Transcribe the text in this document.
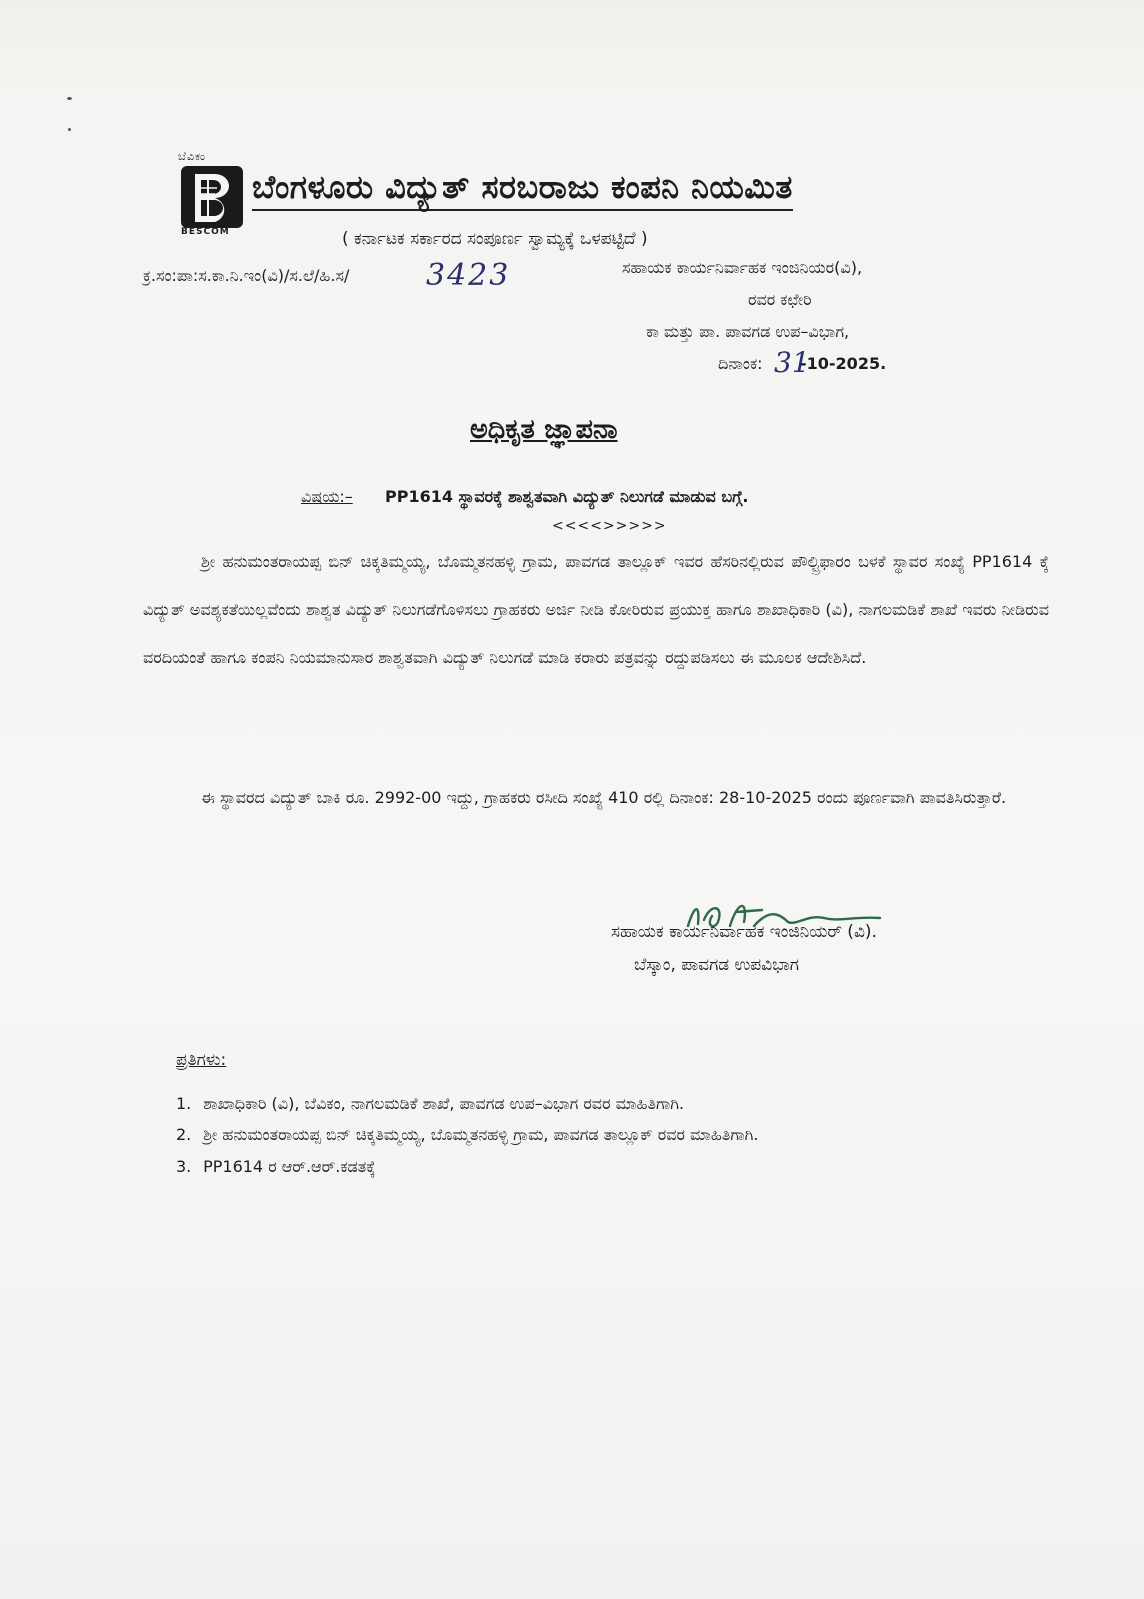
ಬೆವಿಕಂ
BESCOM
ಬೆಂಗಳೂರು ವಿದ್ಯುತ್ ಸರಬರಾಜು ಕಂಪನಿ ನಿಯಮಿತ
( ಕರ್ನಾಟಕ ಸರ್ಕಾರದ ಸಂಪೂರ್ಣ ಸ್ವಾಮ್ಯಕ್ಕೆ ಒಳಪಟ್ಟಿದೆ )
ಕ್ರ.ಸಂ:ಪಾ:ಸ.ಕಾ.ನಿ.ಇಂ(ವಿ)/ಸ.ಲೆ/ಹಿ.ಸ/	3423	ಸಹಾಯಕ ಕಾರ್ಯನಿರ್ವಾಹಕ ಇಂಜಿನಿಯರ(ವಿ),
ರವರ ಕಛೇರಿ
ಕಾ ಮತ್ತು ಪಾ. ಪಾವಗಡ ಉಪ–ವಿಭಾಗ,
ದಿನಾಂಕ: 31
-10-2025.
ಅಧಿಕೃತ ಜ್ಞಾಪನಾ
ವಿಷಯ:– PP1614 ಸ್ಥಾವರಕ್ಕೆ ಶಾಶ್ವತವಾಗಿ ವಿದ್ಯುತ್ ನಿಲುಗಡೆ ಮಾಡುವ ಬಗ್ಗೆ.
<<<<>>>>>
ಶ್ರೀ ಹನುಮಂತರಾಯಪ್ಪ ಬಿನ್ ಚಿಕ್ಕತಿಮ್ಮಯ್ಯ, ಬೊಮ್ಮತನಹಳ್ಳಿ ಗ್ರಾಮ, ಪಾವಗಡ ತಾಲ್ಲೂಕ್ ಇವರ ಹೆಸರಿನಲ್ಲಿರುವ ಪೌಲ್ಟ್ರಿಫಾರಂ ಬಳಕೆ ಸ್ಥಾವರ ಸಂಖ್ಯೆ PP1614 ಕ್ಕೆ ವಿದ್ಯುತ್ ಅವಶ್ಯಕತೆಯಿಲ್ಲವೆಂದು ಶಾಶ್ವತ ವಿದ್ಯುತ್ ನಿಲುಗಡೆಗೊಳಿಸಲು ಗ್ರಾಹಕರು ಅರ್ಜಿ ನೀಡಿ ಕೋರಿರುವ ಪ್ರಯುಕ್ತ ಹಾಗೂ ಶಾಖಾಧಿಕಾರಿ (ವಿ), ನಾಗಲಮಡಿಕೆ ಶಾಖೆ ಇವರು ನೀಡಿರುವ ವರದಿಯಂತೆ ಹಾಗೂ ಕಂಪನಿ ನಿಯಮಾನುಸಾರ ಶಾಶ್ವತವಾಗಿ ವಿದ್ಯುತ್ ನಿಲುಗಡೆ ಮಾಡಿ ಕರಾರು ಪತ್ರವನ್ನು ರದ್ದುಪಡಿಸಲು ಈ ಮೂಲಕ ಆದೇಶಿಸಿದೆ.
ಈ ಸ್ಥಾವರದ ವಿದ್ಯುತ್ ಬಾಕಿ ರೂ. 2992-00 ಇದ್ದು, ಗ್ರಾಹಕರು ರಸೀದಿ ಸಂಖ್ಯೆ 410 ರಲ್ಲಿ ದಿನಾಂಕ: 28-10-2025 ರಂದು ಪೂರ್ಣವಾಗಿ ಪಾವತಿಸಿರುತ್ತಾರೆ.
ಸಹಾಯಕ ಕಾರ್ಯನಿರ್ವಾಹಕ ಇಂಜಿನಿಯರ್ (ವಿ).
ಬೆಸ್ಕಾಂ, ಪಾವಗಡ ಉಪವಿಭಾಗ
ಪ್ರತಿಗಳು:
1. ಶಾಖಾಧಿಕಾರಿ (ವಿ), ಬೆವಿಕಂ, ನಾಗಲಮಡಿಕೆ ಶಾಖೆ, ಪಾವಗಡ ಉಪ–ವಿಭಾಗ ರವರ ಮಾಹಿತಿಗಾಗಿ.
2. ಶ್ರೀ ಹನುಮಂತರಾಯಪ್ಪ ಬಿನ್ ಚಿಕ್ಕತಿಮ್ಮಯ್ಯ, ಬೊಮ್ಮತನಹಳ್ಳಿ ಗ್ರಾಮ, ಪಾವಗಡ ತಾಲ್ಲೂಕ್ ರವರ ಮಾಹಿತಿಗಾಗಿ.
3. PP1614 ರ ಆರ್.ಆರ್.ಕಡತಕ್ಕೆ
